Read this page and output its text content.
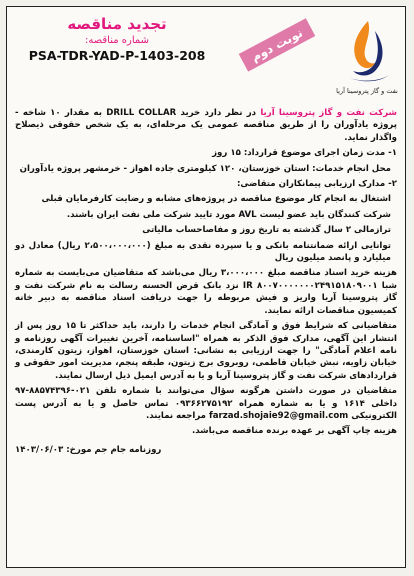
نفت و گاز پتروسینا آریا
نوبت دوم
تجدید مناقصه
شماره مناقصه:
PSA-TDR-YAD-P-1403-208

شرکت نفت و گاز پتروسینا آریا در نظر دارد خرید DRILL COLLAR به مقدار ۱۰ شاخه - پروژه یادآوران را از طریق مناقصه عمومی یک مرحله‌ای، به یک شخص حقوقی ذیصلاح واگذار نماید.

۱- مدت زمان اجرای موضوع قرارداد: ۱۵ روز

محل انجام خدمات: استان خوزستان، ۱۲۰ کیلومتری جاده اهواز - خرمشهر پروژه یادآوران

۲- مدارک ارزیابی پیمانکاران متقاضی:

اشتغال به انجام کار موضوع مناقصه در پروژه‌های مشابه و رضایت کارفرمایان قبلی

شرکت کنندگان باید عضو لیست AVL مورد تایید شرکت ملی نفت ایران باشند.

ترازمالی ۲ سال گذشته به تاریخ روز و مفاصاحساب مالیاتی

توانایی ارائه ضمانتنامه بانکی و یا سپرده نقدی به مبلغ (۲،۵۰۰،۰۰۰،۰۰۰ ریال) معادل دو میلیارد و پانصد میلیون ریال

هزینه خرید اسناد مناقصه مبلغ ۳،۰۰۰،۰۰۰ ریال می‌باشد که متقاضیان می‌بایست به شماره شبا IR ۸۰۰۷۰۰۰۰۰۰۰۲۴۹۱۵۱۸۰۹۰۰۱ نزد بانک قرض الحسنه رسالت به نام شرکت نفت و گاز پتروسینا آریا واریز و فیش مربوطه را جهت دریافت اسناد مناقصه به دبیر خانه کمیسیون مناقصات ارائه نمایند.

متقاضیانی که شرایط فوق و آمادگی انجام خدمات را دارند، باید حداکثر تا ۱۵ روز پس از انتشار این آگهی، مدارک فوق الذکر به همراه "اساسنامه، آخرین تغییرات آگهی روزنامه و نامه اعلام آمادگی" را جهت ارزیابی به نشانی: استان خوزستان، اهواز، زیتون کارمندی، خیابان زاویه، نبش خیابان فاطمی، روبروی برج زیتون، طبقه پنجم، مدیریت امور حقوقی و قراردادهای شرکت نفت و گاز پتروسینا آریا و یا به آدرس ایمیل ذیل ارسال نمایند.

متقاضیان در صورت داشتن هرگونه سؤال می‌توانند با شماره تلفن ۰۲۱-۸۸۵۷۴۳۹۶-۹۷ داخلی ۱۶۱۴ و یا به شماره همراه ۰۹۳۶۶۲۷۵۱۹۲ تماس حاصل و یا به آدرس پست الکترونیکی farzad.shojaie92@gmail.com مراجعه نمایند.

هزینه چاپ آگهی بر عهده برنده مناقصه می‌باشد.

روزنامه جام جم مورخ: ۱۴۰۳/۰۶/۰۳
